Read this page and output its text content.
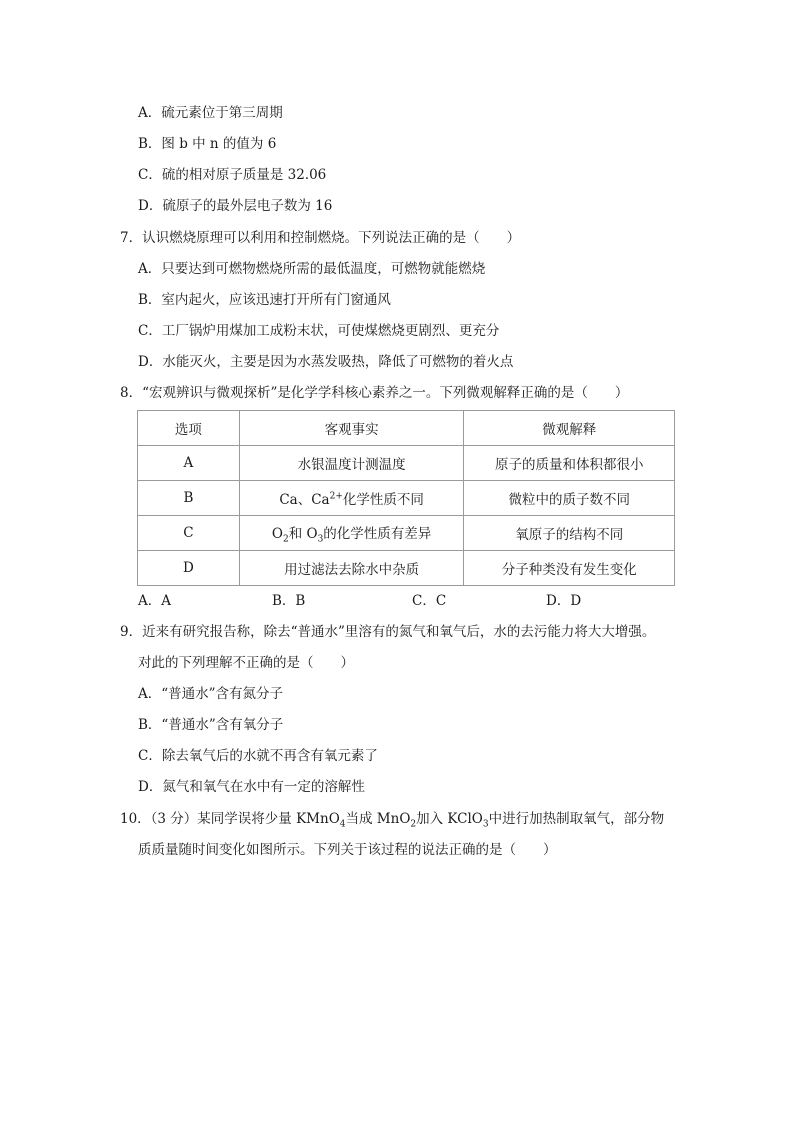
A．硫元素位于第三周期
B．图 b 中 n 的值为 6
C．硫的相对原子质量是 32.06
D．硫原子的最外层电子数为 16
7．认识燃烧原理可以利用和控制燃烧。下列说法正确的是（　　）
A．只要达到可燃物燃烧所需的最低温度，可燃物就能燃烧
B．室内起火，应该迅速打开所有门窗通风
C．工厂锅炉用煤加工成粉末状，可使煤燃烧更剧烈、更充分
D．水能灭火，主要是因为水蒸发吸热，降低了可燃物的着火点
8．“宏观辨识与微观探析”是化学学科核心素养之一。下列微观解释正确的是（　　）
选项	客观事实	微观解释
A	水银温度计测温度	原子的质量和体积都很小
B	Ca、$Ca^{2+}$化学性质不同	微粒中的质子数不同
C	$O_2$和 $O_3$的化学性质有差异	氧原子的结构不同
D	用过滤法去除水中杂质	分子种类没有发生变化
A．A	B．B	C．C	D．D
9．近来有研究报告称，除去“普通水”里溶有的氮气和氧气后，水的去污能力将大大增强。
对此的下列理解不正确的是（　　）
A．“普通水”含有氮分子
B．“普通水”含有氧分子
C．除去氧气后的水就不再含有氧元素了
D．氮气和氧气在水中有一定的溶解性
10．（3 分）某同学误将少量 KMnO$_4$当成 MnO$_2$加入 KClO$_3$中进行加热制取氧气，部分物
质质量随时间变化如图所示。下列关于该过程的说法正确的是（　　）
